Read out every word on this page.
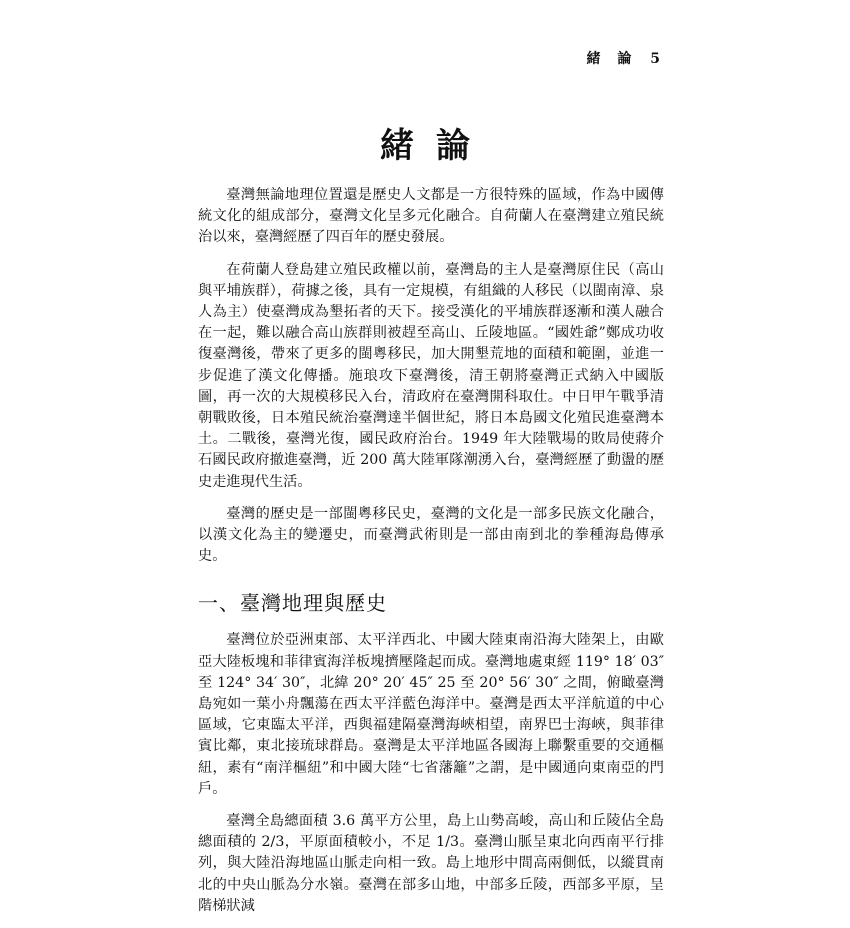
緒 論 5
緒論

臺灣無論地理位置還是歷史人文都是一方很特殊的區域，作為中國傳統文化的組成部分，臺灣文化呈多元化融合。自荷蘭人在臺灣建立殖民統治以來，臺灣經歷了四百年的歷史發展。

在荷蘭人登島建立殖民政權以前，臺灣島的主人是臺灣原住民（高山與平埔族群），荷據之後，具有一定規模，有組織的人移民（以閩南漳、泉人為主）使臺灣成為墾拓者的天下。接受漢化的平埔族群逐漸和漢人融合在一起，難以融合高山族群則被趕至高山、丘陵地區。“國姓爺”鄭成功收復臺灣後，帶來了更多的閩粵移民，加大開墾荒地的面積和範圍，並進一步促進了漢文化傳播。施琅攻下臺灣後，清王朝將臺灣正式納入中國版圖，再一次的大規模移民入台，清政府在臺灣開科取仕。中日甲午戰爭清朝戰敗後，日本殖民統治臺灣達半個世紀，將日本島國文化殖民進臺灣本土。二戰後，臺灣光復，國民政府治台。1949 年大陸戰場的敗局使蔣介石國民政府撤進臺灣，近 200 萬大陸軍隊潮湧入台，臺灣經歷了動盪的歷史走進現代生活。

臺灣的歷史是一部閩粵移民史，臺灣的文化是一部多民族文化融合，以漢文化為主的變遷史，而臺灣武術則是一部由南到北的拳種海島傳承史。

一、臺灣地理與歷史

臺灣位於亞洲東部、太平洋西北、中國大陸東南沿海大陸架上，由歐亞大陸板塊和菲律賓海洋板塊擠壓隆起而成。臺灣地處東經 119° 18′ 03″ 至 124° 34′ 30″，北緯 20° 20′ 45″ 25 至 20° 56′ 30″ 之間，俯瞰臺灣島宛如一葉小舟飄蕩在西太平洋藍色海洋中。臺灣是西太平洋航道的中心區域，它東臨太平洋，西與福建隔臺灣海峽相望，南界巴士海峽，與菲律賓比鄰，東北接琉球群島。臺灣是太平洋地區各國海上聯繫重要的交通樞紐，素有“南洋樞紐”和中國大陸“七省藩籬”之謂，是中國通向東南亞的門戶。

臺灣全島總面積 3.6 萬平方公里，島上山勢高峻，高山和丘陵佔全島總面積的 2/3，平原面積較小，不足 1/3。臺灣山脈呈東北向西南平行排列，與大陸沿海地區山脈走向相一致。島上地形中間高兩側低，以縱貫南北的中央山脈為分水嶺。臺灣在部多山地，中部多丘陵，西部多平原，呈階梯狀減
